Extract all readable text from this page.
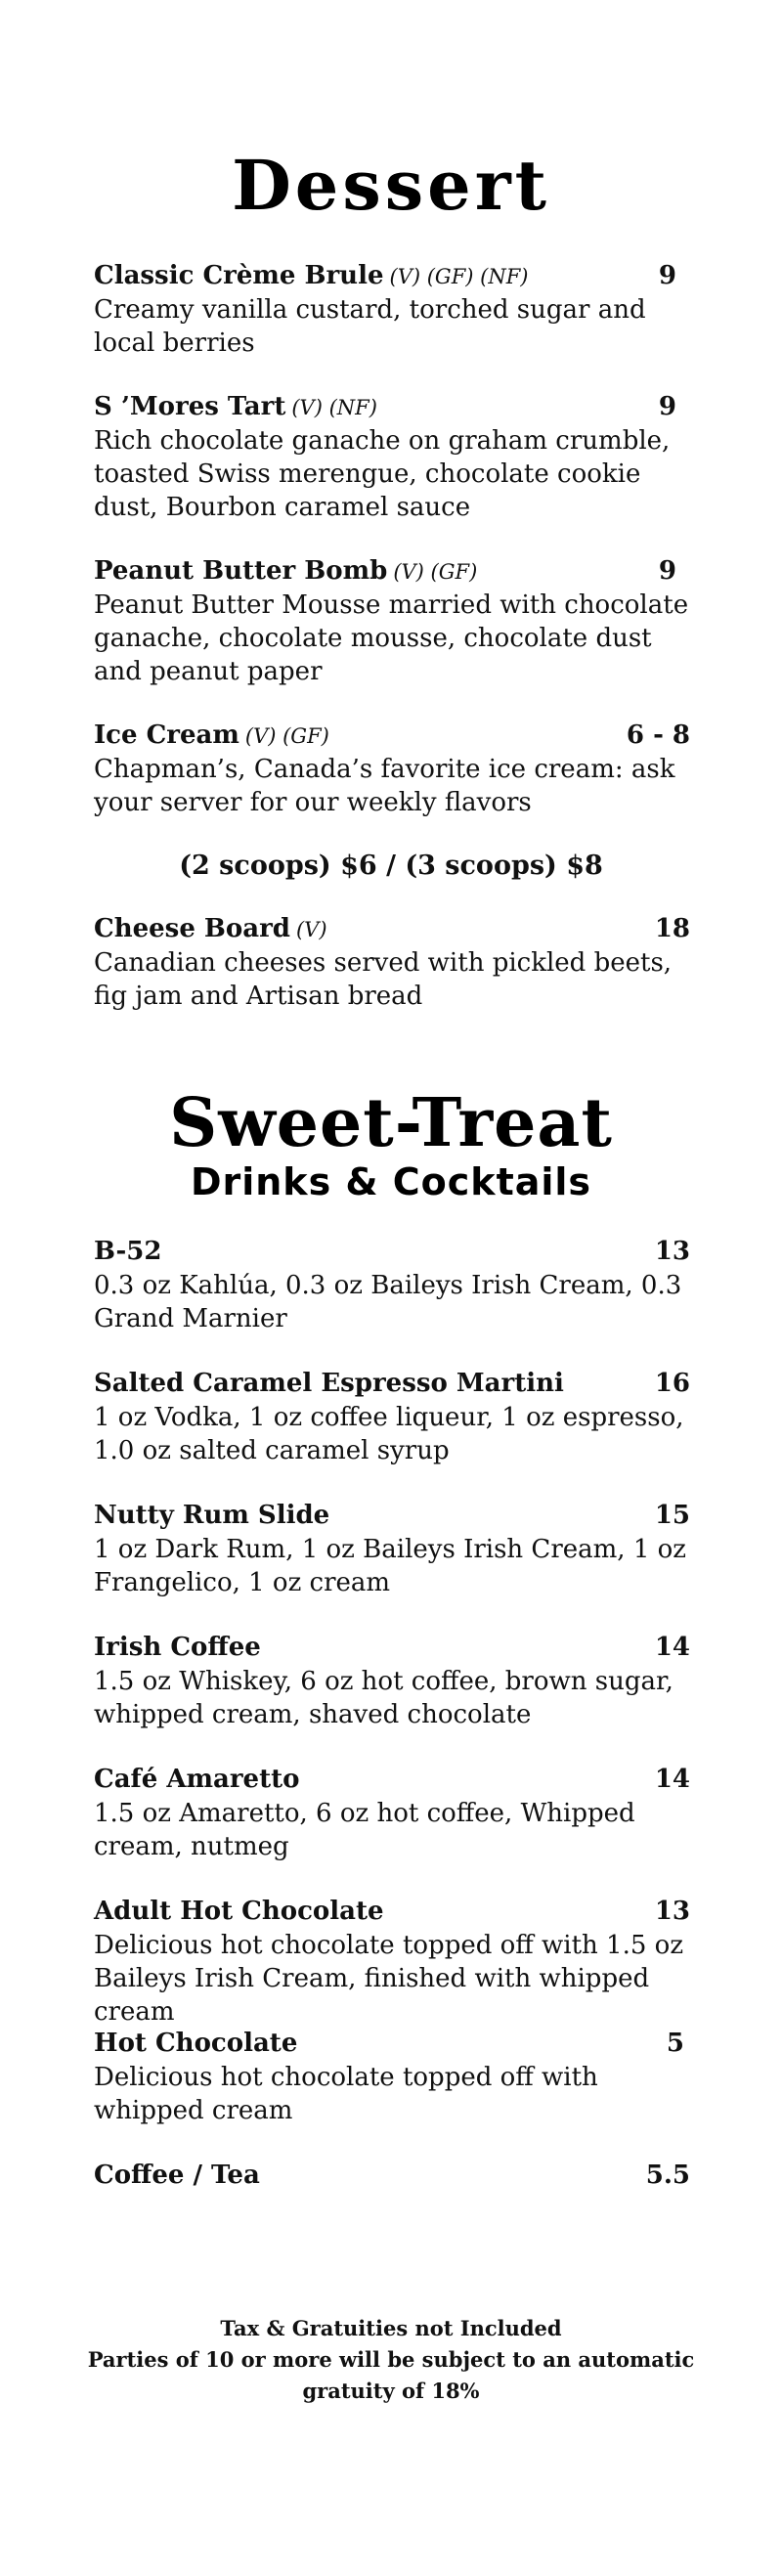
Dessert
Classic Crème Brule (V) (GF) (NF)	9
Creamy vanilla custard, torched sugar and local berries
S ’Mores Tart (V) (NF)	9
Rich chocolate ganache on graham crumble, toasted Swiss merengue, chocolate cookie dust, Bourbon caramel sauce
Peanut Butter Bomb (V) (GF)	9
Peanut Butter Mousse married with chocolate ganache, chocolate mousse, chocolate dust and peanut paper
Ice Cream (V) (GF)	6 - 8
Chapman’s, Canada’s favorite ice cream: ask your server for our weekly flavors
(2 scoops) $6 / (3 scoops) $8
Cheese Board (V)	18
Canadian cheeses served with pickled beets, fig jam and Artisan bread
Sweet-Treat
Drinks & Cocktails
B-52	13
0.3 oz Kahlúa, 0.3 oz Baileys Irish Cream, 0.3 Grand Marnier
Salted Caramel Espresso Martini	16
1 oz Vodka, 1 oz coffee liqueur, 1 oz espresso, 1.0 oz salted caramel syrup
Nutty Rum Slide	15
1 oz Dark Rum, 1 oz Baileys Irish Cream, 1 oz Frangelico, 1 oz cream
Irish Coffee	14
1.5 oz Whiskey, 6 oz hot coffee, brown sugar, whipped cream, shaved chocolate
Café Amaretto	14
1.5 oz Amaretto, 6 oz hot coffee, Whipped cream, nutmeg
Adult Hot Chocolate	13
Delicious hot chocolate topped off with 1.5 oz Baileys Irish Cream, finished with whipped cream
Hot Chocolate	5
Delicious hot chocolate topped off with whipped cream
Coffee / Tea	5.5
Tax & Gratuities not Included
Parties of 10 or more will be subject to an automatic
gratuity of 18%
